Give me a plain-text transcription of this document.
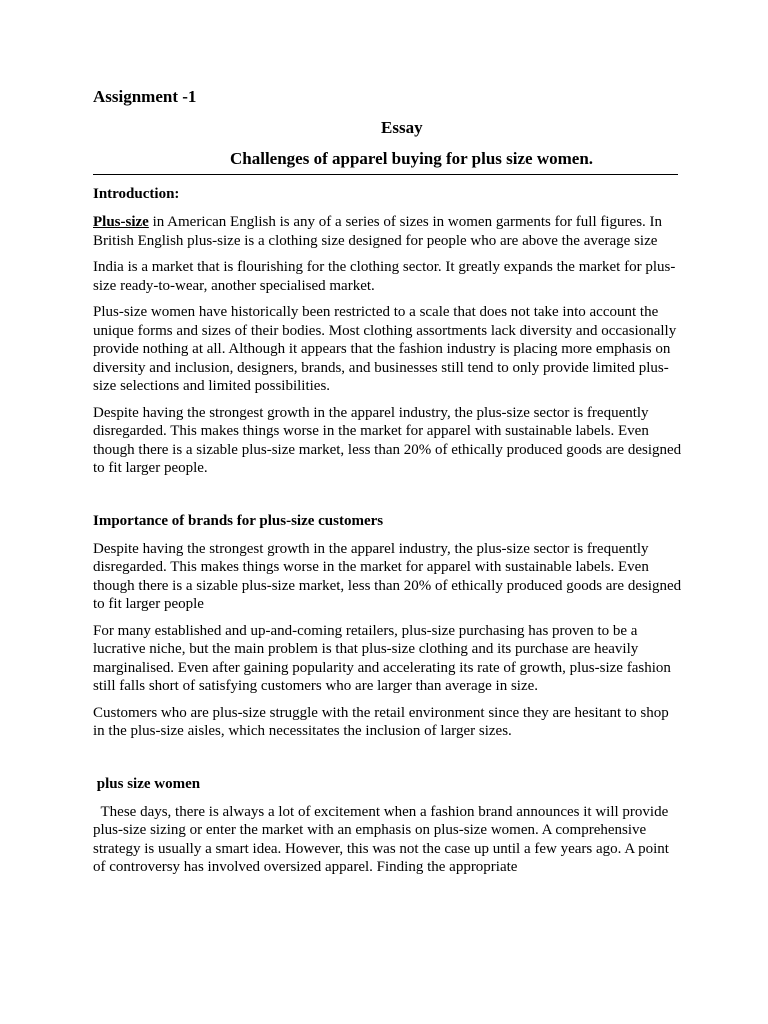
Assignment -1

Essay

Challenges of apparel buying for plus size women.

Introduction:

Plus-size in American English is any of a series of sizes in women garments for full figures. In British English plus-size is a clothing size designed for people who are above the average size

India is a market that is flourishing for the clothing sector. It greatly expands the market for plus-size ready-to-wear, another specialised market.

Plus-size women have historically been restricted to a scale that does not take into account the unique forms and sizes of their bodies. Most clothing assortments lack diversity and occasionally provide nothing at all. Although it appears that the fashion industry is placing more emphasis on diversity and inclusion, designers, brands, and businesses still tend to only provide limited plus-size selections and limited possibilities.

Despite having the strongest growth in the apparel industry, the plus-size sector is frequently disregarded. This makes things worse in the market for apparel with sustainable labels. Even though there is a sizable plus-size market, less than 20% of ethically produced goods are designed to fit larger people.

Importance of brands for plus-size customers

Despite having the strongest growth in the apparel industry, the plus-size sector is frequently disregarded. This makes things worse in the market for apparel with sustainable labels. Even though there is a sizable plus-size market, less than 20% of ethically produced goods are designed to fit larger people

For many established and up-and-coming retailers, plus-size purchasing has proven to be a lucrative niche, but the main problem is that plus-size clothing and its purchase are heavily marginalised. Even after gaining popularity and accelerating its rate of growth, plus-size fashion still falls short of satisfying customers who are larger than average in size.

Customers who are plus-size struggle with the retail environment since they are hesitant to shop in the plus-size aisles, which necessitates the inclusion of larger sizes.

plus size women

These days, there is always a lot of excitement when a fashion brand announces it will provide plus-size sizing or enter the market with an emphasis on plus-size women. A comprehensive strategy is usually a smart idea. However, this was not the case up until a few years ago. A point of controversy has involved oversized apparel. Finding the appropriate
